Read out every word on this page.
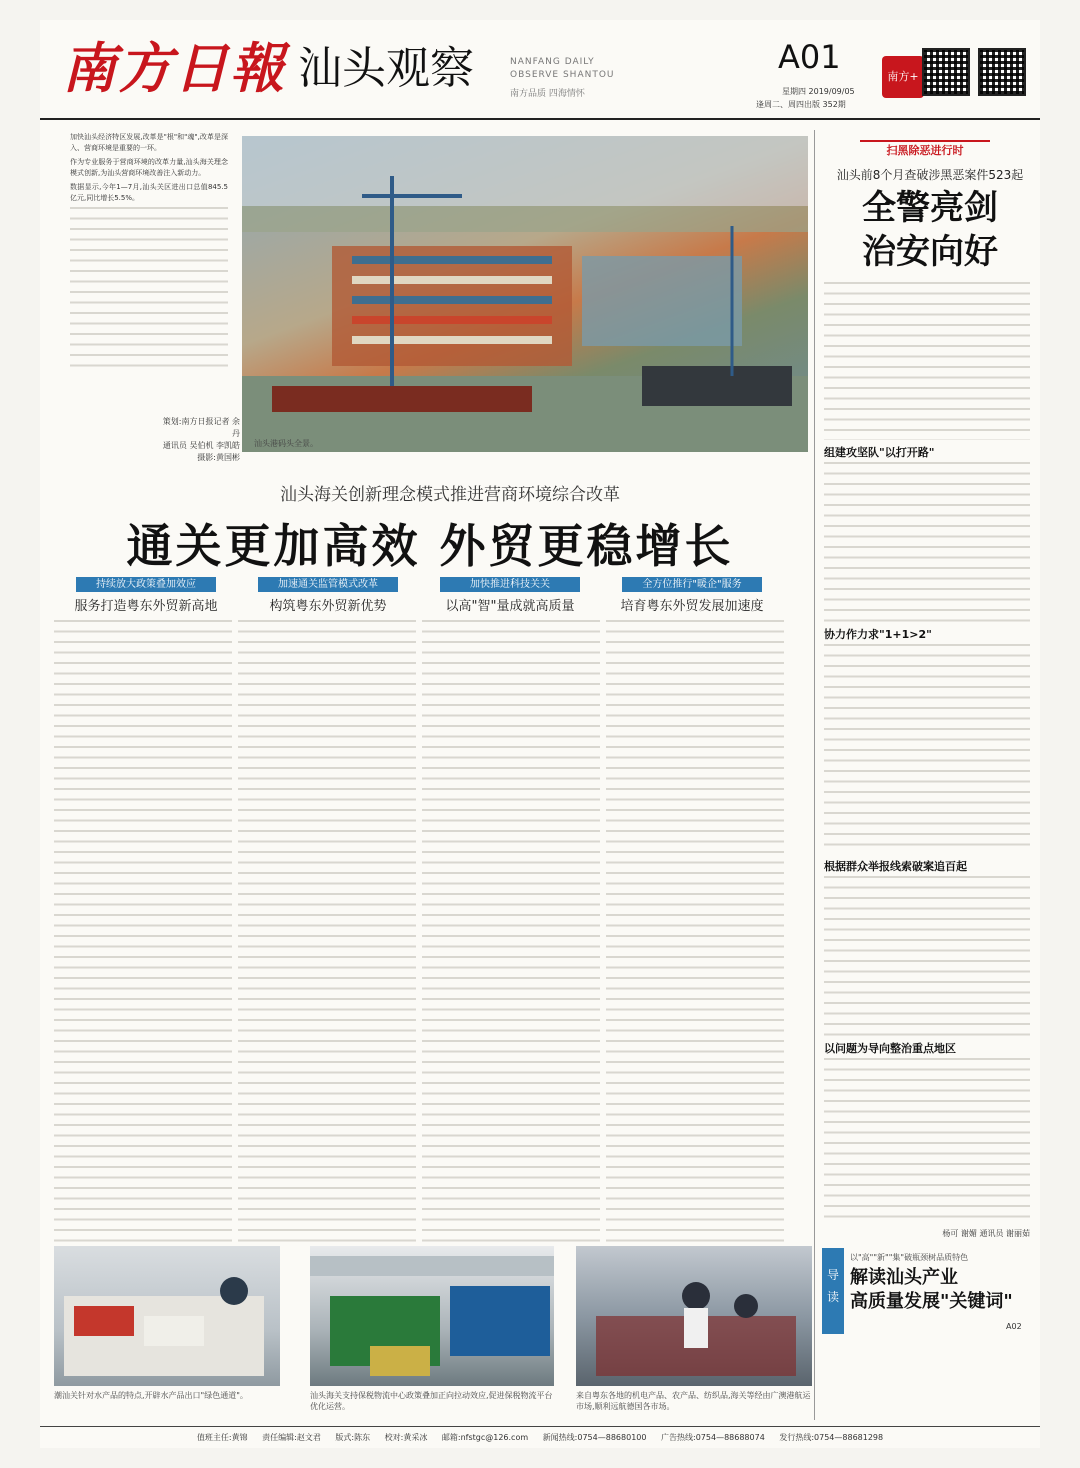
南方日報 汕头观察	NANFANG DAILY
OBSERVE SHANTOU
南方品质 四海情怀
A01
星期四 2019/09/05
逢周二、周四出版 352期
南方+
加快汕头经济特区发展,改革是"根"和"魂",改革是深入、营商环境是重要的一环。
作为专业服务于营商环境的改革力量,汕头海关理念模式创新,为汕头营商环境改善注入新动力。
数据显示,今年1—7月,汕头关区进出口总值845.5亿元,同比增长5.5%。
策划:南方日报记者 余丹
通讯员 吴伯机 李凯皓
摄影:黄国彬
汕头港码头全景。
汕头海关创新理念模式推进营商环境综合改革
通关更加高效 外贸更稳增长
持续放大政策叠加效应
服务打造粤东外贸新高地
加速通关监管模式改革
构筑粤东外贸新优势
加快推进科技关关
以高"智"量成就高质量
全方位推行"暖企"服务
培育粤东外贸发展加速度
潮汕关针对水产品的特点,开辟水产品出口"绿色通道"。	汕头海关支持保税物流中心政策叠加正向拉动效应,促进保税物流平台优化运营。
来自粤东各地的机电产品、农产品、纺织品,海关等经由广澳港航运市场,顺利远航德国各市场。
扫黑除恶进行时
汕头前8个月查破涉黑恶案件523起
全警亮剑
治安向好
组建攻坚队"以打开路"
协力作力求"1+1>2"
根据群众举报线索破案追百起
以问题为导向整治重点地区
杨可 谢媚 通讯员 谢丽茹
导读
以"高""新""集"破瓶颈树品质特色
解读汕头产业
高质量发展"关键词"
A02
值班主任:黄锦 责任编辑:赵文君 版式:陈东 校对:黄采冰 邮箱:nfstgc@126.com 新闻热线:0754—88680100 广告热线:0754—88688074 发行热线:0754—88681298
